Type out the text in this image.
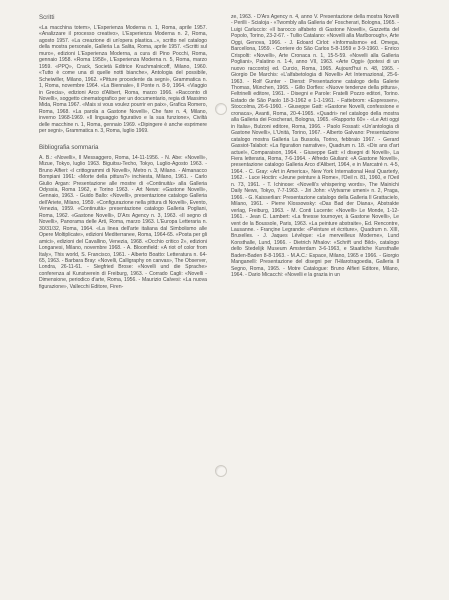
Scritti

«La macchina totem», L'Esperienza Moderna n. 1, Roma, aprile 1957. «Analizzare il processo creativo», L'Esperienza Moderna n. 2, Roma, agosto 1957. «La creazione di un'opera plastica...», scritto nel catalogo della mostra personale, Galleria La Salita, Roma, aprile 1957. «Scritti sul muro», edizioni L'Esperienza Moderna, a cura di Pino Pocchi, Roma, gennaio 1958. «Roma 1958», L'Esperienza Moderna n. 5, Roma, marzo 1959. «PPQ», Crack, Società Editrice Krachmalnicoff, Milano, 1960. «Tutto è come una di quelle notti bianche», Antologia del possibile, Scheiwiller, Milano, 1962. «Pitture procedente da segni», Grammatica n. 1, Roma, novembre 1964. «La Biennale», Il Ponte n. 8-9, 1964. «Viaggio in Grecia», edizioni Arco d'Alibert, Roma, marzo 1966. «Racconto di Novelli», soggetto cinematografico per un documentario, regia di Massimo Mida, Roma 1967. «Mais si vous voulez pourrir en paix», Grafica Romero, Roma, 1968. «La parola a Gastone Novelli», Che fare n. 4, Milano, inverno 1968-1969. «Il linguaggio figurativo e la sua funzione», Civiltà delle macchine n. 1, Roma, gennaio 1969. «Dipingere è anche esprimere per segni», Grammatica n. 3, Roma, luglio 1969.

Bibliografia sommaria

A. B.: «Novelli», Il Messaggero, Roma, 14-11-1956. - N. Abe: «Novelli», Mizue, Tokyo, luglio 1963. Biguitsu-Techo, Tokyo, Luglio-Agosto 1963. - Bruno Alfieri: «I crittogrammi di Novelli», Metro n. 3, Milano. - Almanacco Bompiani 1961: «Morte della pittura?» inchiesta, Milano, 1961. - Carlo Giulio Argan: Presentazione alle mostre di «Continuità» alla Galleria Odyssia, Roma 1962, e Torino 1963. - Art News: «Gastone Novelli», Gennaio, 1963. - Guido Ballo: «Novelli», presentazione catalogo Galleria dell'Ariete, Milano, 1959. «Configurazione nella pittura di Novelli», Evento, Venezia, 1959. «Continuità» presentazione catalogo Galleria Pogliani, Roma, 1962. «Gastone Novelli», D'Ars Agency n. 3, 1963. «Il segno di Novelli», Panorama delle Arti, Roma, marzo 1963. L'Europa Letteraria n. 30/31/32, Roma, 1964. «La linea dell'arte italiana dal Simbolismo alle Opere Moltiplicate», edizioni Mediterranee, Roma, 1964-65. «Posta per gli amici», edizioni del Cavallino, Venezia, 1968. «Occhio critico 2», edizioni Longanesi, Milano, novembre 1968. - A. Bloomfield: «A riot of color from Italy», This world, S. Francisco, 1961. - Alberto Boatto: Letteratura n. 64-65, 1963. - Barbara Bray: «Novelli, Calligraphy on canvas», The Observer, Londra, 26-11-61. - Siegfried Brose: «Novelli und die Sprache» conferenza al Kunstverein di Freiburg, 1963. - Corrado Cagli: «Novelli - Dimensione, periodico d'arte, Roma, 1956. - Maurizio Calvesi: «La nuova figurazione», Vallecchi Editore, Firen-

ze, 1963. - D'Ars Agency n. 4, anno V. Presentazione della mostra Novelli - Perilli - Scialoja - «Twombly alla Galleria de' Foscherari, Bologna, 1965. - Luigi Carluccio: «Il barocco alfabeto di Gastone Novelli», Gazzetta del Popolo, Torino, 23-2-67. - Tullio Catalano: «Novelli alla Marlborough», Arte Oggi, Genova, 1966. - J. Edoard Cirlot: «Informalismo» ed. Omega, Barcellona, 1959. - Corriere do São Carlos 5-8-1959 e 3-9-1960. - Enrico Crispolti: «Novelli», Arte Cronaca n. 1, 15-5-59. «Novelli alla Galleria Pogliani», Palatino n. 1-4, anno VII, 1963. «Arte Oggi» (ipotesi di un nuovo racconto) ed. Curcio, Roma, 1965. Aujourd'hui n. 48, 1965. - Giorgio De Marchis: «L'alfabetologia di Novelli» Art Internazional, 25-6-1963. - Rolf Gunter - Dienst: Presentazione catalogo della Galerie Thomas, München, 1965. - Gillo Dorfles: «Nuove tendenze della pittura», Feltrinelli editore, 1961. - Disegni e Parole: Fratelli Pozzo editori, Torino. Estado de São Paolo 18-3-1962 e 1-1-1961. - Fattebrom: «Espressen», Stoccolma, 26-6-1960. - Giuseppe Gatt: «Gastone Novelli, confessione e cronaca», Avanti, Roma, 20-4-1965. «Quadri» nel catalogo della mostra alla Galleria dei Foscherari, Bologna, 1965. «Rapporto 60» - «Le Arti oggi in Italia», Bulzoni editore, Roma, 1966. - Paolo Fossati: «Un'antologia di Gastone Novelli», L'Unità, Torino, 1967. - Alberto Galvano: Presentazione catalogo mostra Galleria La Bussola, Torino, febbraio 1967. - Gerard Gassiot-Talabot: «La figuration narrative», Quadrum n. 18. «Dix ans d'art actuel», Comparaison, 1964. - Giuseppe Gatt: «I disegni di Novelli», La Fiera letteraria, Roma, 7-6-1964. - Alfredo Giuliani: «A Gastone Novelli», presentazione catalogo Galleria Arco d'Alibert, 1964, e in Marcatré n. 4-5, 1964. - C. Gray: «Art in America», New York International Heal Quarterly, 1962. - Luce Hoctin: «Jeune peinture à Rome», l'Oeil n. 81, 1960, e l'Oeil n. 73, 1961. - T. Ichinose: «Novelli's whispering words», The Mainichi Daily News, Tokyo, 7-7-1963. - Jiri John: «Vytvarne umeni» n. 2, Praga, 1966. - G. Kaisserlian: Presentazione catalogo della Galleria Il Grattacielo, Milano, 1961. - Pierre Klossowsky: «Das Bad der Diana», Abstrakte verlag, Freiburg, 1963. - M. Conti Lucente: «Novelli» Le Monde, 1-12-1961. - Jean C. Lambert: «La finesse tournoyer, à Gastone Novelli», Le vent de la Boussole, Paris, 1963. «La peinture abstraite», Ed. Rencontre, Lausanne. - Françine Legrande: «Peinture et écriture», Quadrum n. XIII, Bruxelles. - J. Jaques Lévêque: «Le merveilleux Moderne», Lund Konsthalle, Lund, 1966. - Dietrich Mhalov: «Schrift und Bild», catalogo dello Stedelijk Museum Amsterdam 3-6-1963, e Staatliche Kunsthalle Baden-Baden 8-8-1963. - M.A.C.: Espace, Milano, 1965 e 1966. - Giorgio Manganelli: Presentazione del disegni per l'Hilarotragoedia, Galleria Il Segno, Roma, 1965. - Motre Catalogue: Bruno Alfieri Editore, Milano, 1964. - Dario Micacchi: «Novelli e la grazia in un
